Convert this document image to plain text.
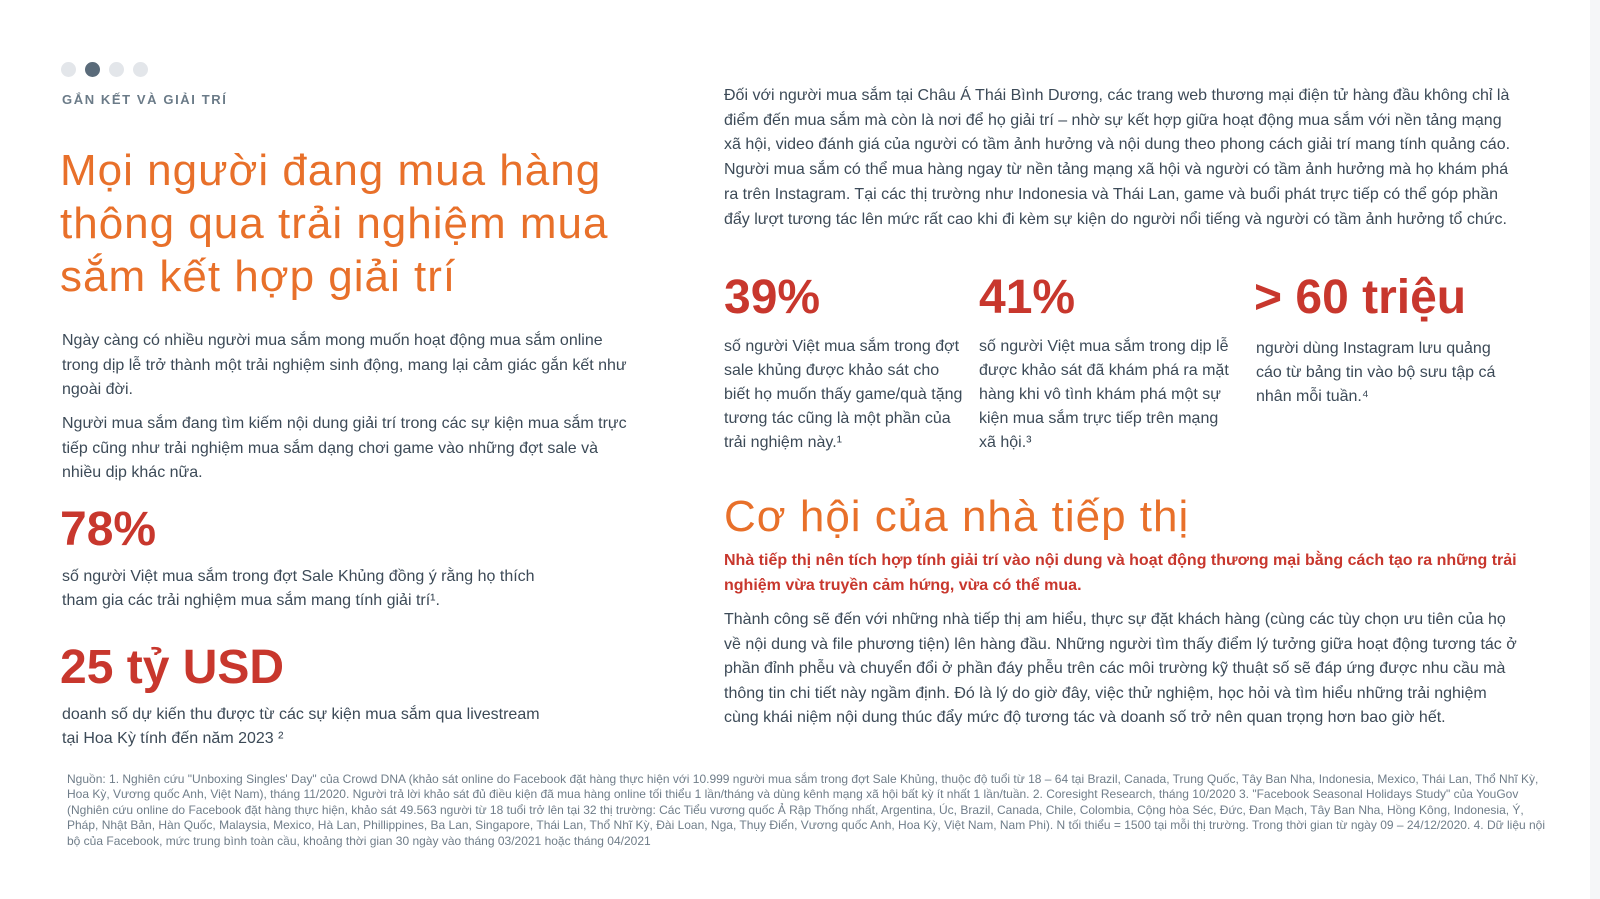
GẮN KẾT VÀ GIẢI TRÍ
Mọi người đang mua hàng thông qua trải nghiệm mua sắm kết hợp giải trí

Ngày càng có nhiều người mua sắm mong muốn hoạt động mua sắm online trong dịp lễ trở thành một trải nghiệm sinh động, mang lại cảm giác gắn kết như ngoài đời.

Người mua sắm đang tìm kiếm nội dung giải trí trong các sự kiện mua sắm trực tiếp cũng như trải nghiệm mua sắm dạng chơi game vào những đợt sale và nhiều dịp khác nữa.

78%

số người Việt mua sắm trong đợt Sale Khủng đồng ý rằng họ thích tham gia các trải nghiệm mua sắm mang tính giải trí¹.

25 tỷ USD

doanh số dự kiến thu được từ các sự kiện mua sắm qua livestream tại Hoa Kỳ tính đến năm 2023 ²

Đối với người mua sắm tại Châu Á Thái Bình Dương, các trang web thương mại điện tử hàng đầu không chỉ là điểm đến mua sắm mà còn là nơi để họ giải trí – nhờ sự kết hợp giữa hoạt động mua sắm với nền tảng mạng xã hội, video đánh giá của người có tầm ảnh hưởng và nội dung theo phong cách giải trí mang tính quảng cáo. Người mua sắm có thể mua hàng ngay từ nền tảng mạng xã hội và người có tầm ảnh hưởng mà họ khám phá ra trên Instagram. Tại các thị trường như Indonesia và Thái Lan, game và buổi phát trực tiếp có thể góp phần đẩy lượt tương tác lên mức rất cao khi đi kèm sự kiện do người nổi tiếng và người có tầm ảnh hưởng tổ chức.

39%

số người Việt mua sắm trong đợt sale khủng được khảo sát cho biết họ muốn thấy game/quà tặng tương tác cũng là một phần của trải nghiệm này.¹

41%

số người Việt mua sắm trong dịp lễ được khảo sát đã khám phá ra mặt hàng khi vô tình khám phá một sự kiện mua sắm trực tiếp trên mạng xã hội.³

> 60 triệu

người dùng Instagram lưu quảng cáo từ bảng tin vào bộ sưu tập cá nhân mỗi tuần.⁴

Cơ hội của nhà tiếp thị

Nhà tiếp thị nên tích hợp tính giải trí vào nội dung và hoạt động thương mại bằng cách tạo ra những trải nghiệm vừa truyền cảm hứng, vừa có thể mua.

Thành công sẽ đến với những nhà tiếp thị am hiểu, thực sự đặt khách hàng (cùng các tùy chọn ưu tiên của họ về nội dung và file phương tiện) lên hàng đầu. Những người tìm thấy điểm lý tưởng giữa hoạt động tương tác ở phần đỉnh phễu và chuyển đổi ở phần đáy phễu trên các môi trường kỹ thuật số sẽ đáp ứng được nhu cầu mà thông tin chi tiết này ngầm định. Đó là lý do giờ đây, việc thử nghiệm, học hỏi và tìm hiểu những trải nghiệm cùng khái niệm nội dung thúc đẩy mức độ tương tác và doanh số trở nên quan trọng hơn bao giờ hết.

Nguồn: 1. Nghiên cứu "Unboxing Singles' Day" của Crowd DNA (khảo sát online do Facebook đặt hàng thực hiện với 10.999 người mua sắm trong đợt Sale Khủng, thuộc độ tuổi từ 18 – 64 tại Brazil, Canada, Trung Quốc, Tây Ban Nha, Indonesia, Mexico, Thái Lan, Thổ Nhĩ Kỳ, Hoa Kỳ, Vương quốc Anh, Việt Nam), tháng 11/2020. Người trả lời khảo sát đủ điều kiện đã mua hàng online tối thiểu 1 lần/tháng và dùng kênh mạng xã hội bất kỳ ít nhất 1 lần/tuần. 2. Coresight Research, tháng 10/2020 3. "Facebook Seasonal Holidays Study" của YouGov (Nghiên cứu online do Facebook đặt hàng thực hiện, khảo sát 49.563 người từ 18 tuổi trở lên tại 32 thị trường: Các Tiểu vương quốc Ả Rập Thống nhất, Argentina, Úc, Brazil, Canada, Chile, Colombia, Cộng hòa Séc, Đức, Đan Mạch, Tây Ban Nha, Hồng Kông, Indonesia, Ý, Pháp, Nhật Bản, Hàn Quốc, Malaysia, Mexico, Hà Lan, Phillippines, Ba Lan, Singapore, Thái Lan, Thổ Nhĩ Kỳ, Đài Loan, Nga, Thụy Điển, Vương quốc Anh, Hoa Kỳ, Việt Nam, Nam Phi). N tối thiểu = 1500 tại mỗi thị trường. Trong thời gian từ ngày 09 – 24/12/2020. 4. Dữ liệu nội bộ của Facebook, mức trung bình toàn cầu, khoảng thời gian 30 ngày vào tháng 03/2021 hoặc tháng 04/2021
